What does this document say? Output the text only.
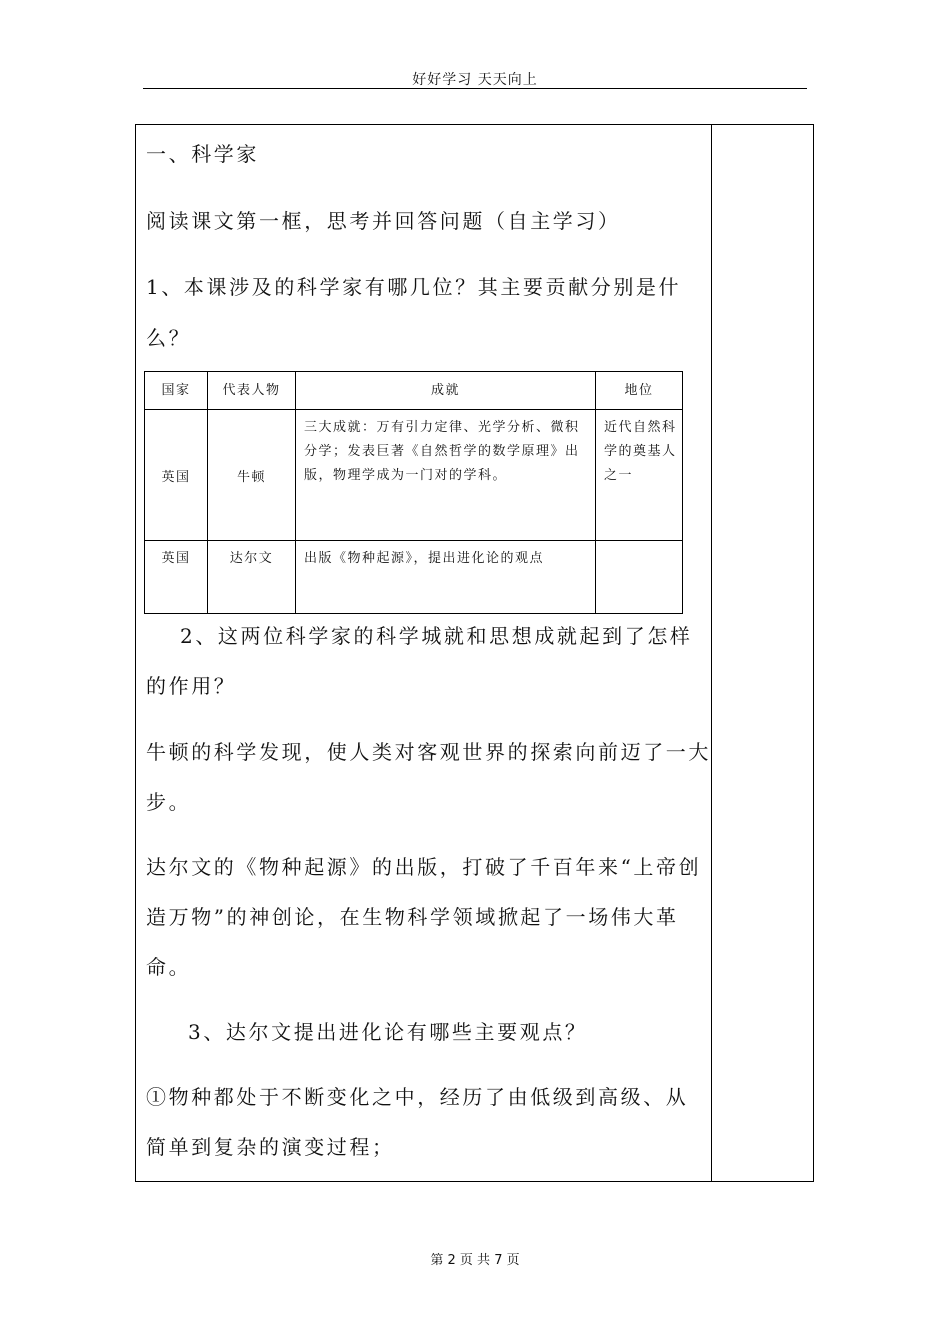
好好学习 天天向上
一、科学家
阅读课文第一框，思考并回答问题（自主学习）
1、本课涉及的科学家有哪几位？其主要贡献分别是什
么？
国家	代表人物	成就	地位
英国	牛顿	三大成就：万有引力定律、光学分析、微积分学；发表巨著《自然哲学的数学原理》出版，物理学成为一门对的学科。	近代自然科学的奠基人之一
英国	达尔文	出版《物种起源》，提出进化论的观点	
2、这两位科学家的科学城就和思想成就起到了怎样
的作用？
牛顿的科学发现，使人类对客观世界的探索向前迈了一大
步。
达尔文的《物种起源》的出版，打破了千百年来“上帝创
造万物”的神创论，在生物科学领域掀起了一场伟大革
命。
3、达尔文提出进化论有哪些主要观点？
①物种都处于不断变化之中，经历了由低级到高级、从
简单到复杂的演变过程；
第 2 页 共 7 页
